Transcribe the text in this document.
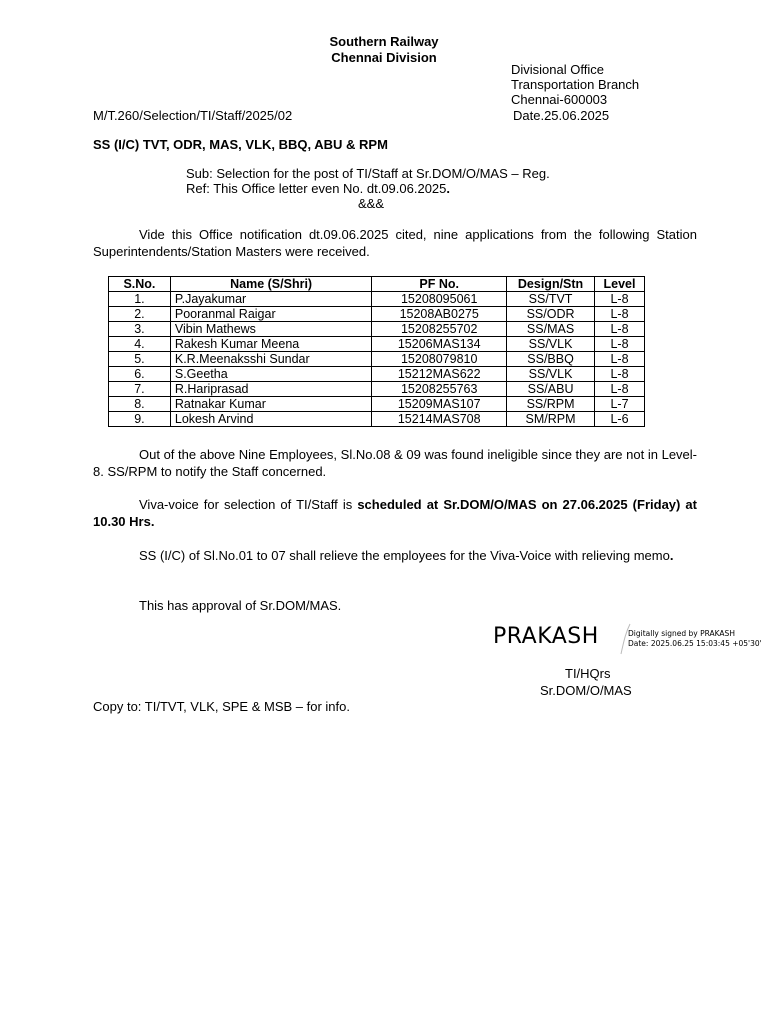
Southern Railway
Chennai Division
Divisional Office
Transportation Branch
Chennai-600003
M/T.260/Selection/TI/Staff/2025/02	Date.25.06.2025
SS (I/C) TVT, ODR, MAS, VLK, BBQ, ABU & RPM
Sub: Selection for the post of TI/Staff at Sr.DOM/O/MAS – Reg.
Ref: This Office letter even No. dt.09.06.2025.
&&&
Vide this Office notification dt.09.06.2025 cited, nine applications from the following Station Superintendents/Station Masters were received.
S.No.	Name (S/Shri)	PF No.	Design/Stn	Level
1.	P.Jayakumar	15208095061	SS/TVT	L-8
2.	Pooranmal Raigar	15208AB0275	SS/ODR	L-8
3.	Vibin Mathews	15208255702	SS/MAS	L-8
4.	Rakesh Kumar Meena	15206MAS134	SS/VLK	L-8
5.	K.R.Meenaksshi Sundar	15208079810	SS/BBQ	L-8
6.	S.Geetha	15212MAS622	SS/VLK	L-8
7.	R.Hariprasad	15208255763	SS/ABU	L-8
8.	Ratnakar Kumar	15209MAS107	SS/RPM	L-7
9.	Lokesh Arvind	15214MAS708	SM/RPM	L-6
Out of the above Nine Employees, Sl.No.08 & 09 was found ineligible since they are not in Level-8. SS/RPM to notify the Staff concerned.
Viva-voice for selection of TI/Staff is scheduled at Sr.DOM/O/MAS on 27.06.2025 (Friday) at 10.30 Hrs.
SS (I/C) of Sl.No.01 to 07 shall relieve the employees for the Viva-Voice with relieving memo.
This has approval of Sr.DOM/MAS.
PRAKASH	Digitally signed by PRAKASH
Date: 2025.06.25 15:03:45 +05'30'
TI/HQrs
Sr.DOM/O/MAS
Copy to: TI/TVT, VLK, SPE & MSB – for info.
